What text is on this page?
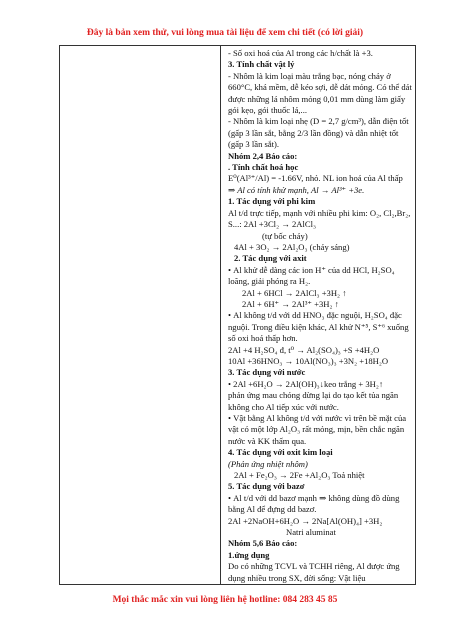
Đây là bản xem thử, vui lòng mua tài liệu để xem chi tiết (có lời giải)

- Số oxi hoá của Al trong các h/chất là +3.

3. Tính chất vật lý

- Nhôm là kim loại màu trắng bạc, nóng chảy ở 660°C, khá mềm, dễ kéo sợi, dễ dát mỏng. Có thể dát được những lá nhôm mỏng 0,01 mm dùng làm giấy gói kẹo, gói thuốc lá,...

- Nhôm là kim loại nhẹ (D = 2,7 g/cm³), dẫn điện tốt (gấp 3 lần sắt, bằng 2/3 lần đồng) và dẫn nhiệt tốt (gấp 3 lần sắt).

Nhóm 2,4 Báo cáo:

. Tính chất hoá học

E⁰(Al³⁺/Al) = -1.66V, nhỏ. NL ion hoá của Al thấp

⇒ Al có tính khử mạnh, Al → Al³⁺ +3e.

1. Tác dụng với phi kim

Al t/d trực tiếp, mạnh với nhiều phi kim: O₂, Cl₂,Br₂, S...: 2Al +3Cl₂ → 2AlCl₃

(tự bốc cháy)

4Al + 3O₂ → 2Al₂O₃ (cháy sáng)

2. Tác dụng với axit

• Al khử dễ dàng các ion H⁺ của dd HCl, H₂SO₄ loãng, giải phóng ra H₂.

2Al + 6HCl → 2AlCl₃ +3H₂ ↑

2Al + 6H⁺ → 2Al³⁺ +3H₂ ↑

• Al không t/d với dd HNO₃ đặc nguội, H₂SO₄ đặc nguội. Trong điều kiện khác, Al khử N⁺⁵, S⁺⁶ xuống số oxi hoá thấp hơn.

2Al +4 H₂SO₄ đ, t⁰ → Al₂(SO₄)₃ +S +4H₂O

10Al +36HNO₃ → 10Al(NO₃)₃ +3N₂ +18H₂O

3. Tác dụng với nước

• 2Al +6H₂O → 2Al(OH)₃↓keo trắng + 3H₂↑

phản ứng mau chóng dừng lại do tạo kết tủa ngăn không cho Al tiếp xúc với nước.

• Vật bằng Al không t/d với nước vì trên bề mặt của vật có một lớp Al₂O₃ rất mỏng, mịn, bền chắc ngăn nước và KK thấm qua.

4. Tác dụng với oxit kim loại

(Phản ứng nhiệt nhôm)

2Al + Fe₂O₃ → 2Fe +Al₂O₃ Toả nhiệt

5. Tác dụng với bazơ

• Al t/d với dd bazơ mạnh ⇒ không dùng đồ dùng bằng Al để đựng dd bazơ.

2Al +2NaOH+6H₂O → 2Na[Al(OH)₄] +3H₂

Natri aluminat

Nhóm 5,6 Báo cáo:

1.ứng dụng

Do có những TCVL và TCHH riêng, Al được ứng dụng nhiều trong SX, đời sống: Vật liệu

Mọi thắc mắc xin vui lòng liên hệ hotline: 084 283 45 85
